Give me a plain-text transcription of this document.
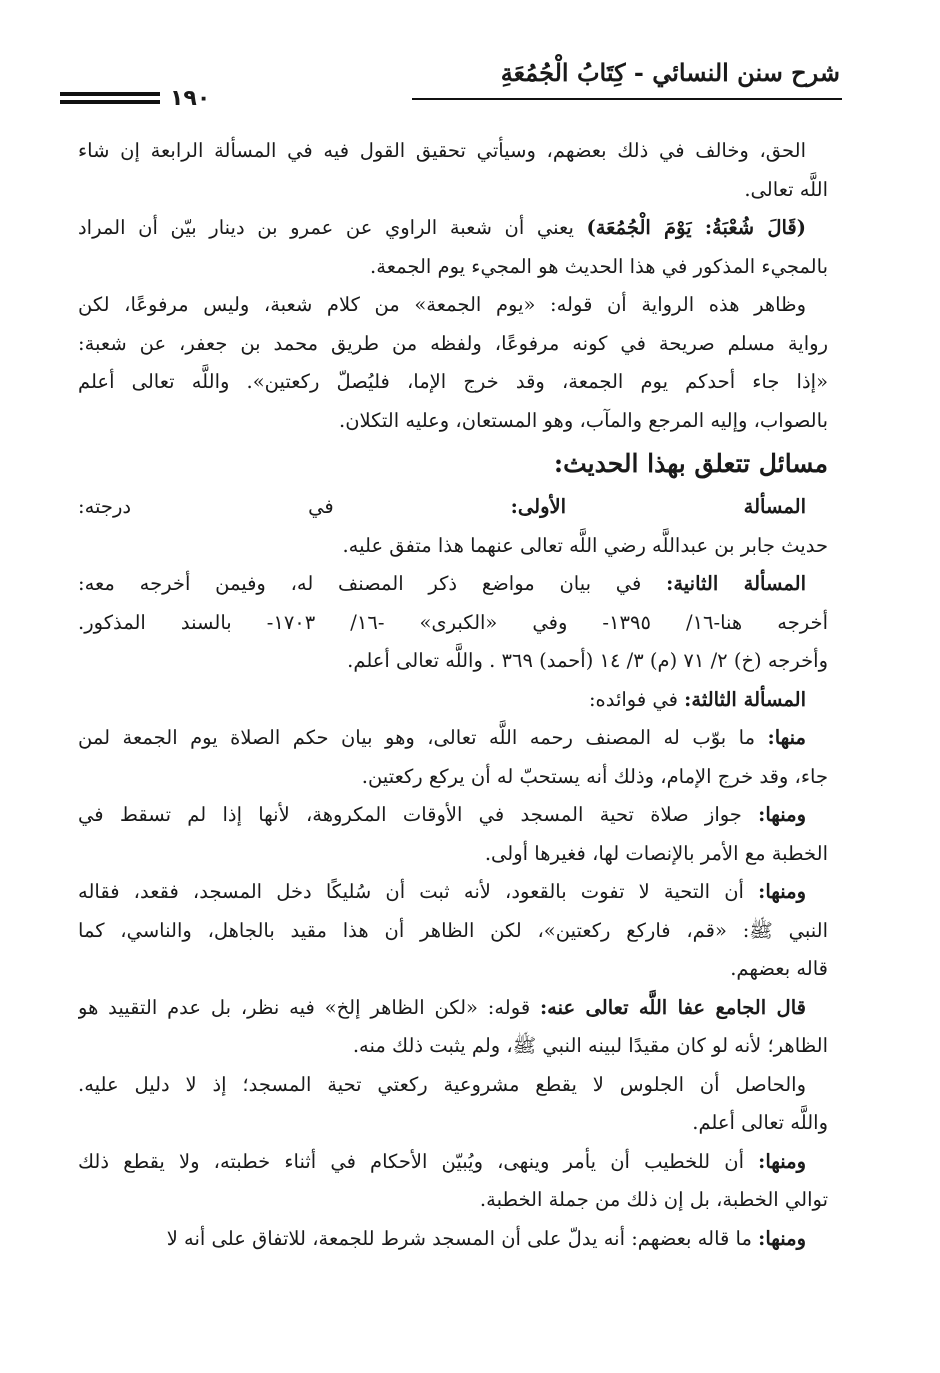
شرح سنن النسائي - كِتَابُ الْجُمُعَةِ
١٩٠
الحق، وخالف في ذلك بعضهم، وسيأتي تحقيق القول فيه في المسألة الرابعة إن شاء
اللَّه تعالى.
(قَالَ شُعْبَةُ: يَوْمَ الْجُمُعَة) يعني أن شعبة الراوي عن عمرو بن دينار بيّن أن المراد
بالمجيء المذكور في هذا الحديث هو المجيء يوم الجمعة.
وظاهر هذه الرواية أن قوله: «يوم الجمعة» من كلام شعبة، وليس مرفوعًا، لكن
رواية مسلم صريحة في كونه مرفوعًا، ولفظه من طريق محمد بن جعفر، عن شعبة:
«إذا جاء أحدكم يوم الجمعة، وقد خرج الإما، فليُصلّ ركعتين». واللَّه تعالى أعلم
بالصواب، وإليه المرجع والمآب، وهو المستعان، وعليه التكلان.
مسائل تتعلق بهذا الحديث:
المسألة الأولى: في درجته:
حديث جابر بن عبداللَّه رضي اللَّه تعالى عنهما هذا متفق عليه.
المسألة الثانية: في بيان مواضع ذكر المصنف له، وفيمن أخرجه معه:
أخرجه هنا-١٦/ ١٣٩٥- وفي «الكبرى» -١٦/ ١٧٠٣- بالسند المذكور.
وأخرجه (خ) ٢/ ٧١ (م) ٣/ ١٤ (أحمد) ٣٦٩ . واللَّه تعالى أعلم.
المسألة الثالثة: في فوائده:
منها: ما بوّب له المصنف رحمه اللَّه تعالى، وهو بيان حكم الصلاة يوم الجمعة لمن
جاء، وقد خرج الإمام، وذلك أنه يستحبّ له أن يركع ركعتين.
ومنها: جواز صلاة تحية المسجد في الأوقات المكروهة، لأنها إذا لم تسقط في
الخطبة مع الأمر بالإنصات لها، فغيرها أولى.
ومنها: أن التحية لا تفوت بالقعود، لأنه ثبت أن سُليكًا دخل المسجد، فقعد، فقاله
النبي ﷺ: «قم، فاركع ركعتين»، لكن الظاهر أن هذا مقيد بالجاهل، والناسي، كما
قاله بعضهم.
قال الجامع عفا اللَّه تعالى عنه: قوله: «لكن الظاهر إلخ» فيه نظر، بل عدم التقييد هو
الظاهر؛ لأنه لو كان مقيدًا لبينه النبي ﷺ، ولم يثبت ذلك منه.
والحاصل أن الجلوس لا يقطع مشروعية ركعتي تحية المسجد؛ إذ لا دليل عليه.
واللَّه تعالى أعلم.
ومنها: أن للخطيب أن يأمر وينهى، ويُبيّن الأحكام في أثناء خطبته، ولا يقطع ذلك
توالي الخطبة، بل إن ذلك من جملة الخطبة.
ومنها: ما قاله بعضهم: أنه يدلّ على أن المسجد شرط للجمعة، للاتفاق على أنه لا
